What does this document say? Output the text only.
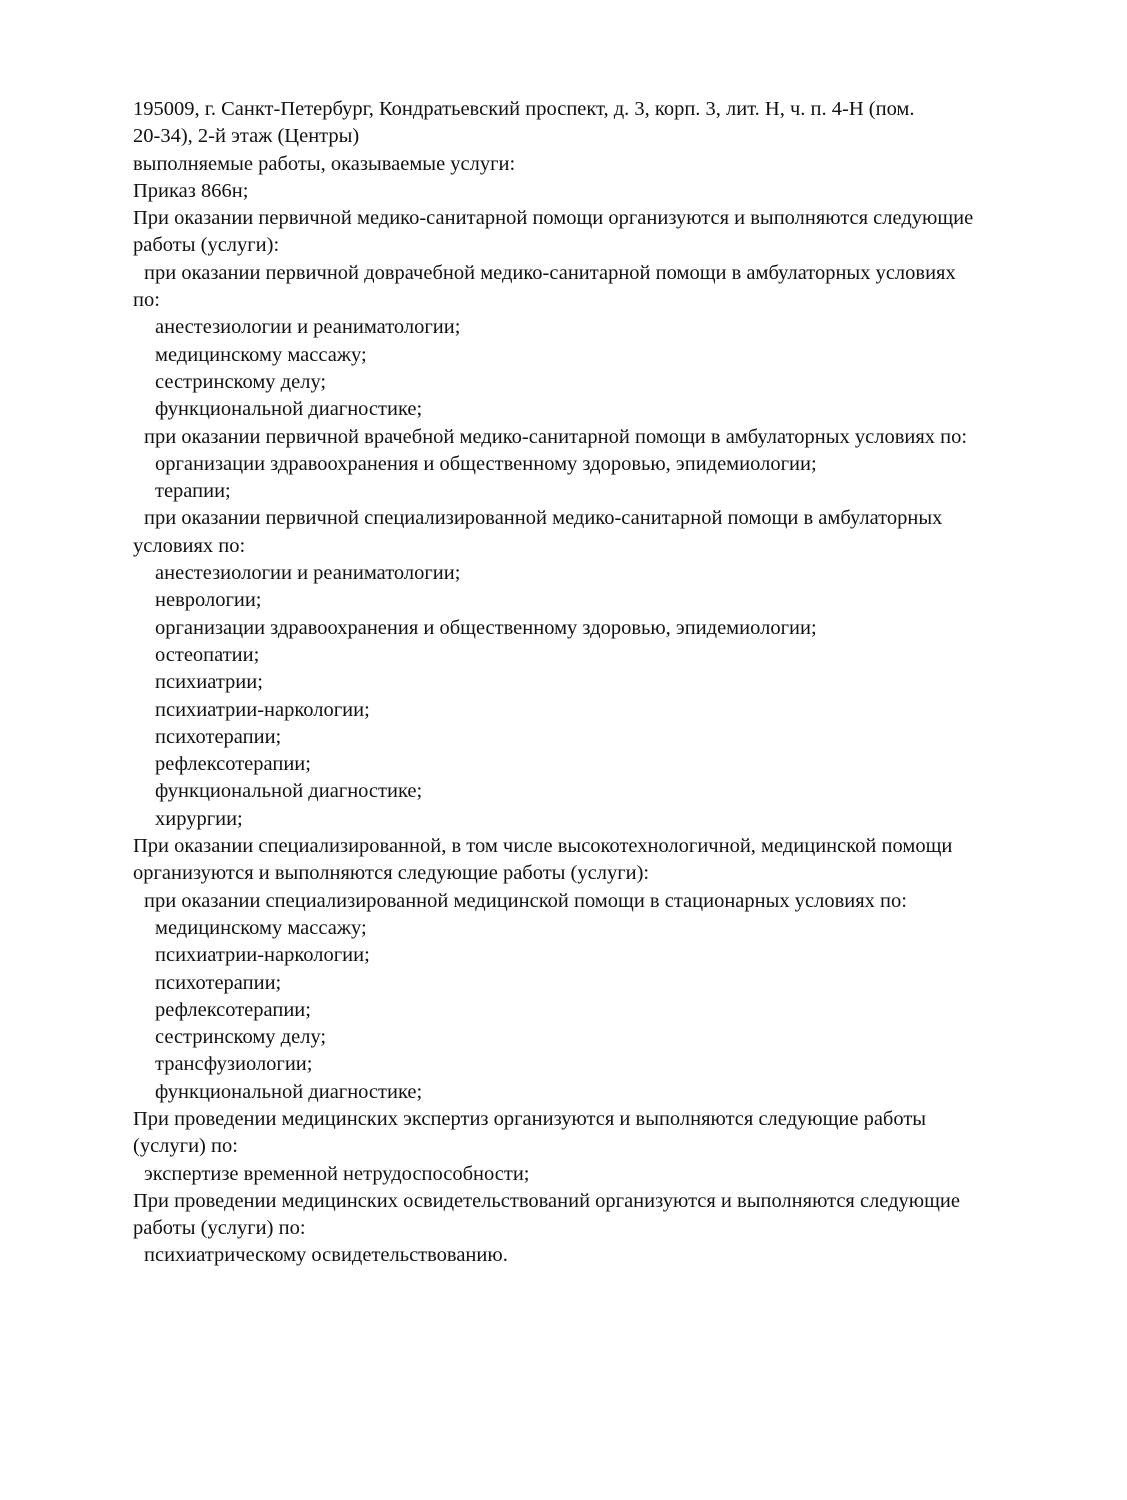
195009, г. Санкт-Петербург, Кондратьевский проспект, д. 3, корп. 3, лит. Н, ч. п. 4-Н (пом.

20-34), 2-й этаж (Центры)

выполняемые работы, оказываемые услуги:

Приказ 866н;

При оказании первичной медико-санитарной помощи организуются и выполняются следующие

работы (услуги):

при оказании первичной доврачебной медико-санитарной помощи в амбулаторных условиях

по:

анестезиологии и реаниматологии;

медицинскому массажу;

сестринскому делу;

функциональной диагностике;

при оказании первичной врачебной медико-санитарной помощи в амбулаторных условиях по:

организации здравоохранения и общественному здоровью, эпидемиологии;

терапии;

при оказании первичной специализированной медико-санитарной помощи в амбулаторных

условиях по:

анестезиологии и реаниматологии;

неврологии;

организации здравоохранения и общественному здоровью, эпидемиологии;

остеопатии;

психиатрии;

психиатрии-наркологии;

психотерапии;

рефлексотерапии;

функциональной диагностике;

хирургии;

При оказании специализированной, в том числе высокотехнологичной, медицинской помощи

организуются и выполняются следующие работы (услуги):

при оказании специализированной медицинской помощи в стационарных условиях по:

медицинскому массажу;

психиатрии-наркологии;

психотерапии;

рефлексотерапии;

сестринскому делу;

трансфузиологии;

функциональной диагностике;

При проведении медицинских экспертиз организуются и выполняются следующие работы

(услуги) по:

экспертизе временной нетрудоспособности;

При проведении медицинских освидетельствований организуются и выполняются следующие

работы (услуги) по:

психиатрическому освидетельствованию.
